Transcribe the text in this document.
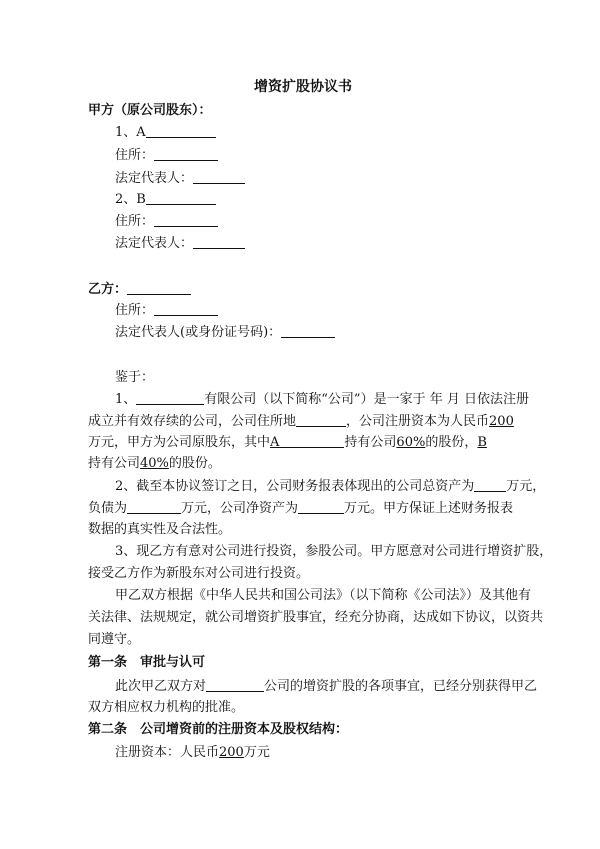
增资扩股协议书
甲方（原公司股东）：
1、A
住所：
法定代表人：
2、B
住所：
法定代表人：
乙方：
住所：
法定代表人(或身份证号码)：
鉴于：
1、	有限公司（以下简称“公司”）是一家于 年 月 日依法注册
成立并有效存续的公司，公司住所地	，公司注册资本为人民币200
万元，甲方为公司原股东，其中A	持有公司60%的股份，B
持有公司40%的股份。
2、截至本协议签订之日，公司财务报表体现出的公司总资产为 万元，
负债为	万元，公司净资产为	万元。甲方保证上述财务报表
数据的真实性及合法性。
3、现乙方有意对公司进行投资，参股公司。甲方愿意对公司进行增资扩股，
接受乙方作为新股东对公司进行投资。
甲乙双方根据《中华人民共和国公司法》（以下简称《公司法》）及其他有
关法律、法规规定，就公司增资扩股事宜，经充分协商，达成如下协议，以资共
同遵守。
第一条　审批与认可
此次甲乙双方对	公司的增资扩股的各项事宜，已经分别获得甲乙
双方相应权力机构的批准。
第二条　公司增资前的注册资本及股权结构：
注册资本：人民币200万元
